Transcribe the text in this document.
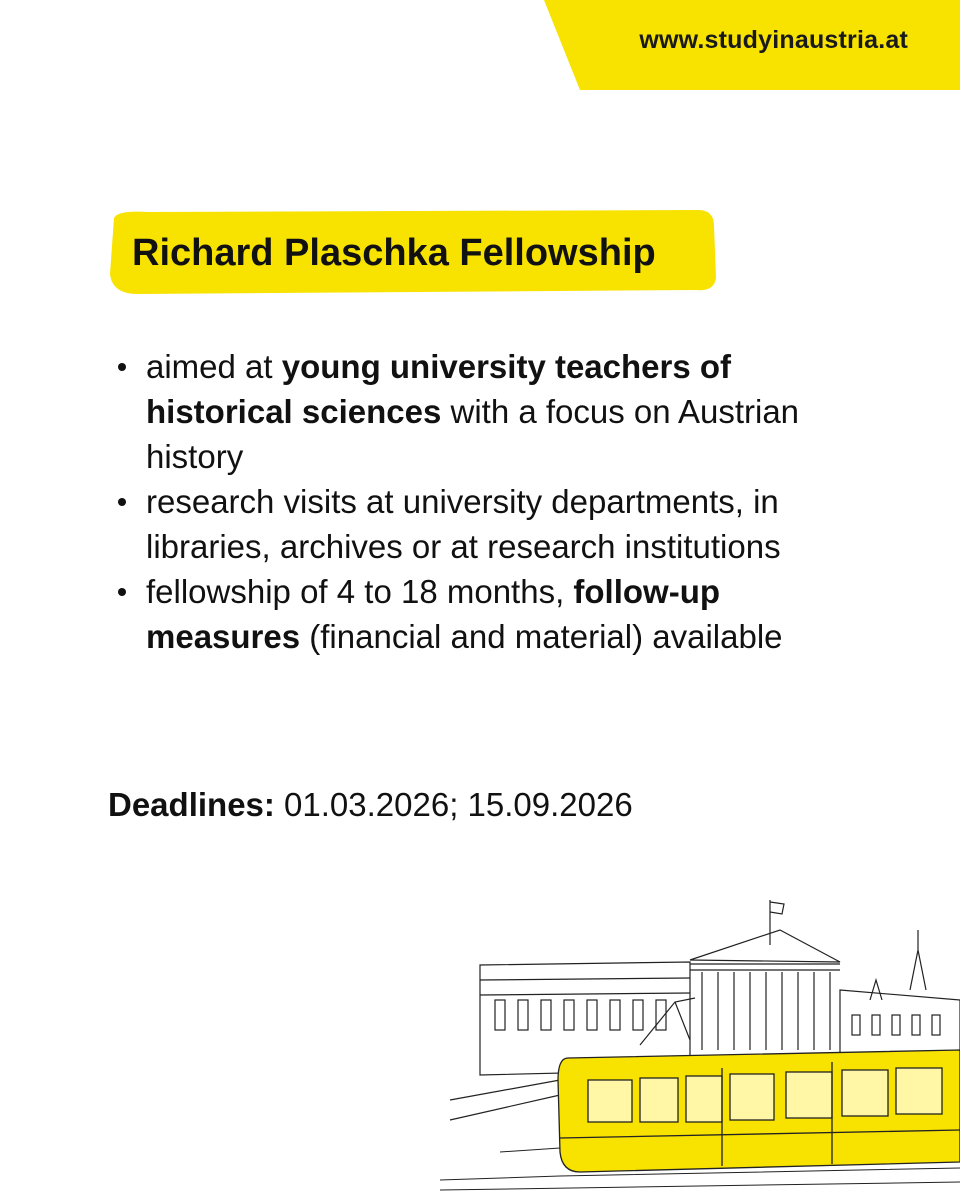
www.studyinaustria.at
Richard Plaschka Fellowship
aimed at young university teachers of historical sciences with a focus on Austrian history
research visits at university departments, in libraries, archives or at research institutions
fellowship of 4 to 18 months, follow-up measures (financial and material) available
Deadlines: 01.03.2026; 15.09.2026
